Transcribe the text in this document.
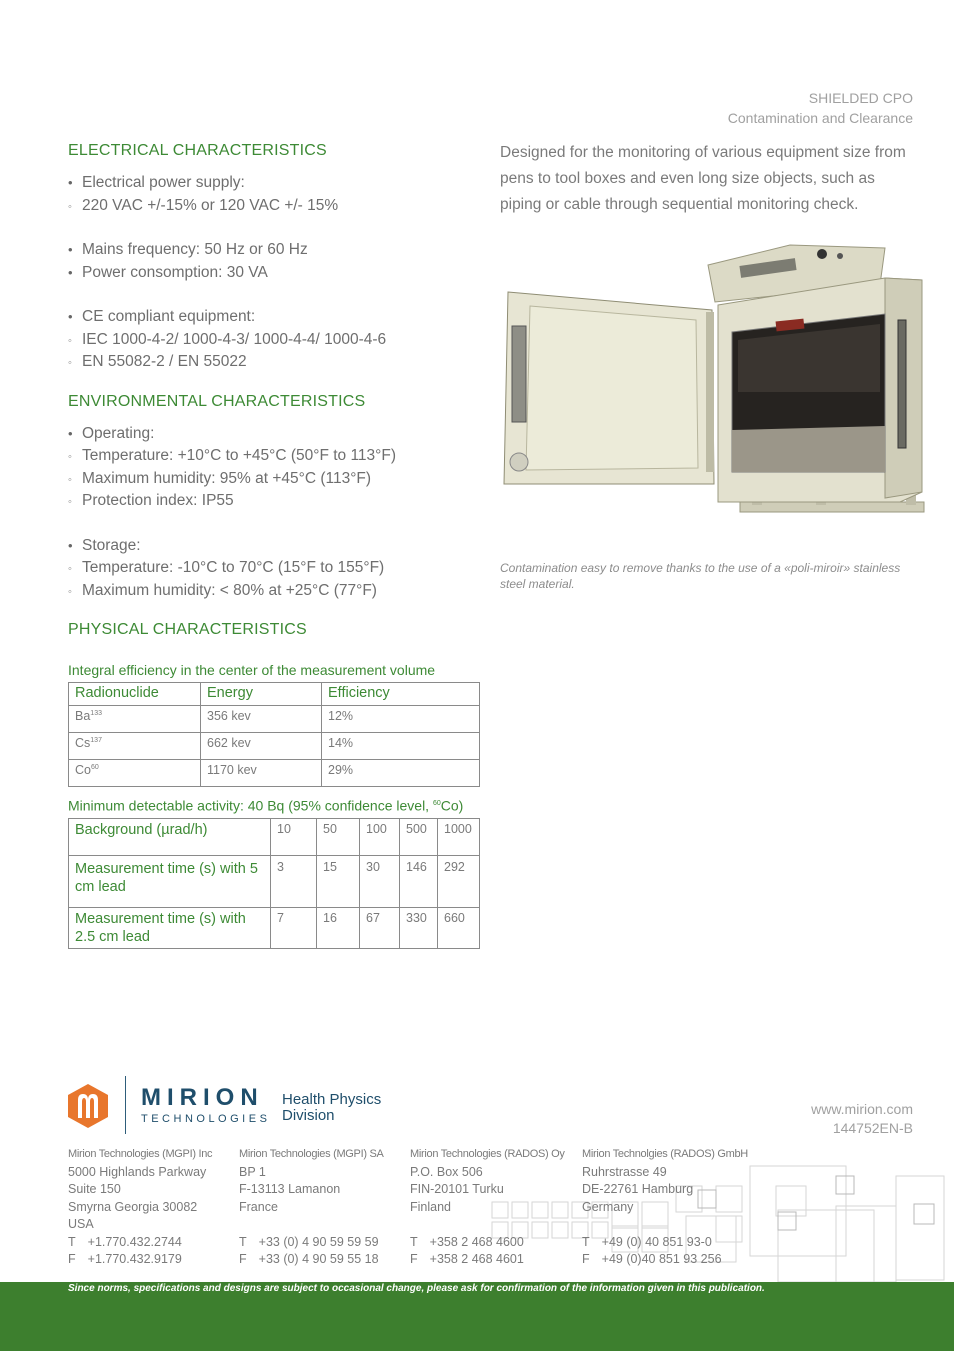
SHIELDED CPO
Contamination and Clearance
ELECTRICAL CHARACTERISTICS
• Electrical power supply:
◦ 220 VAC +/-15% or 120 VAC +/- 15%
• Mains frequency: 50 Hz or 60 Hz
• Power consomption: 30 VA
• CE compliant equipment:
◦ IEC 1000-4-2/ 1000-4-3/ 1000-4-4/ 1000-4-6
◦ EN 55082-2 / EN 55022
ENVIRONMENTAL CHARACTERISTICS
• Operating:
◦ Temperature: +10°C to +45°C (50°F to 113°F)
◦ Maximum humidity: 95% at +45°C (113°F)
◦ Protection index: IP55
• Storage:
◦ Temperature: -10°C to 70°C (15°F to 155°F)
◦ Maximum humidity: < 80% at +25°C (77°F)
PHYSICAL CHARACTERISTICS
Integral efficiency in the center of the measurement volume
Radionuclide	Energy	Efficiency
Ba$^{133}$	356 kev	12%
Cs$^{137}$	662 kev	14%
Co$^{60}$	1170 kev	29%
Minimum detectable activity: 40 Bq (95% confidence level, $^{60}$Co)
Background (µrad/h)	10	50	100	500	1000
Measurement time (s) with 5 cm lead	3	15	30	146	292
Measurement time (s) with 2.5 cm lead	7	16	67	330	660

Designed for the monitoring of various equipment size from pens to tool boxes and even long size objects, such as piping or cable through sequential monitoring check.

Contamination easy to remove thanks to the use of a «poli-miroir» stainless steel material.

MIRION
TECHNOLOGIES
Health Physics
Division	www.mirion.com
144752EN-B
Mirion Technologies (MGPI) Inc
5000 Highlands Parkway
Suite 150
Smyrna Georgia 30082
USA
T +1.770.432.2744
F +1.770.432.9179
Mirion Technologies (MGPI) SA
BP 1
F-13113 Lamanon
France
T +33 (0) 4 90 59 59 59
F +33 (0) 4 90 59 55 18
Mirion Technologies (RADOS) Oy
P.O. Box 506
FIN-20101 Turku
Finland
T +358 2 468 4600
F +358 2 468 4601
Mirion Technolgies (RADOS) GmbH
Ruhrstrasse 49
DE-22761 Hamburg
Germany
T +49 (0) 40 851 93-0
F +49 (0)40 851 93 256

Since norms, specifications and designs are subject to occasional change, please ask for confirmation of the information given in this publication.
